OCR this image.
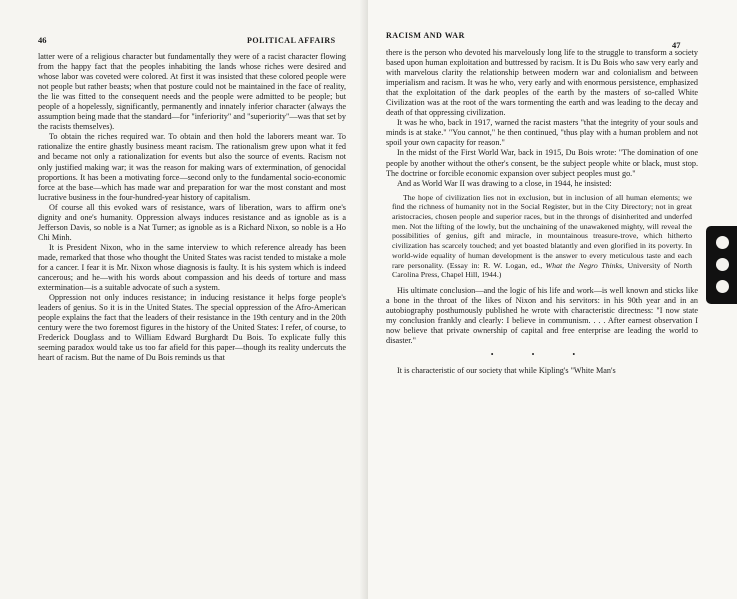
46	POLITICAL AFFAIRS

latter were of a religious character but fundamentally they were of a racist character flowing from the happy fact that the peoples inhabiting the lands whose riches were desired and whose labor was coveted were colored. At first it was insisted that these colored people were not people but rather beasts; when that posture could not be maintained in the face of reality, the lie was fitted to the consequent needs and the people were admitted to be people; but people of a hopelessly, significantly, permanently and innately inferior character (always the assumption being made that the standard—for "inferiority" and "superiority"—was that set by the racists themselves).

To obtain the riches required war. To obtain and then hold the laborers meant war. To rationalize the entire ghastly business meant racism. The rationalism grew upon what it fed and became not only a rationalization for events but also the source of events. Racism not only justified making war; it was the reason for making wars of extermination, of genocidal proportions. It has been a motivating force—second only to the fundamental socio-economic force at the base—which has made war and preparation for war the most constant and most lucrative business in the four-hundred-year history of capitalism.

Of course all this evoked wars of resistance, wars of liberation, wars to affirm one's dignity and one's humanity. Oppression always induces resistance and as ignoble as is a Jefferson Davis, so noble is a Nat Turner; as ignoble as is a Richard Nixon, so noble is a Ho Chi Minh.

It is President Nixon, who in the same interview to which reference already has been made, remarked that those who thought the United States was racist tended to mistake a mole for a cancer. I fear it is Mr. Nixon whose diagnosis is faulty. It is his system which is indeed cancerous; and he—with his words about compassion and his deeds of torture and mass extermination—is a suitable advocate of such a system.

Oppression not only induces resistance; in inducing resistance it helps forge people's leaders of genius. So it is in the United States. The special oppression of the Afro-American people explains the fact that the leaders of their resistance in the 19th century and in the 20th century were the two foremost figures in the history of the United States: I refer, of course, to Frederick Douglass and to William Edward Burghardt Du Bois. To explicate fully this seeming paradox would take us too far afield for this paper—though its reality undercuts the heart of racism. But the name of Du Bois reminds us that

RACISM AND WAR
47

there is the person who devoted his marvelously long life to the struggle to transform a society based upon human exploitation and buttressed by racism. It is Du Bois who saw very early and with marvelous clarity the relationship between modern war and colonialism and between imperialism and racism. It was he who, very early and with enormous persistence, emphasized that the exploitation of the dark peoples of the earth by the masters of so-called White Civilization was at the root of the wars tormenting the earth and was leading to the decay and death of that oppressing civilization.

It was he who, back in 1917, warned the racist masters "that the integrity of your souls and minds is at stake." "You cannot," he then continued, "thus play with a human problem and not spoil your own capacity for reason."

In the midst of the First World War, back in 1915, Du Bois wrote: "The domination of one people by another without the other's consent, be the subject people white or black, must stop. The doctrine or forcible economic expansion over subject peoples must go."

And as World War II was drawing to a close, in 1944, he insisted:

The hope of civilization lies not in exclusion, but in inclusion of all human elements; we find the richness of humanity not in the Social Register, but in the City Directory; not in great aristocracies, chosen people and superior races, but in the throngs of disinherited and underfed men. Not the lifting of the lowly, but the unchaining of the unawakened mighty, will reveal the possibilities of genius, gift and miracle, in mountainous treasure-trove, which hitherto civilization has scarcely touched; and yet boasted blatantly and even glorified in its poverty. In world-wide equality of human development is the answer to every meticulous taste and each rare personality. (Essay in: R. W. Logan, ed., What the Negro Thinks, University of North Carolina Press, Chapel Hill, 1944.)

His ultimate conclusion—and the logic of his life and work—is well known and sticks like a bone in the throat of the likes of Nixon and his servitors: in his 90th year and in an autobiography posthumously published he wrote with characteristic directness: "I now state my conclusion frankly and clearly: I believe in communism. . . . After earnest observation I now believe that private ownership of capital and free enterprise are leading the world to disaster."

• • •

It is characteristic of our society that while Kipling's "White Man's
